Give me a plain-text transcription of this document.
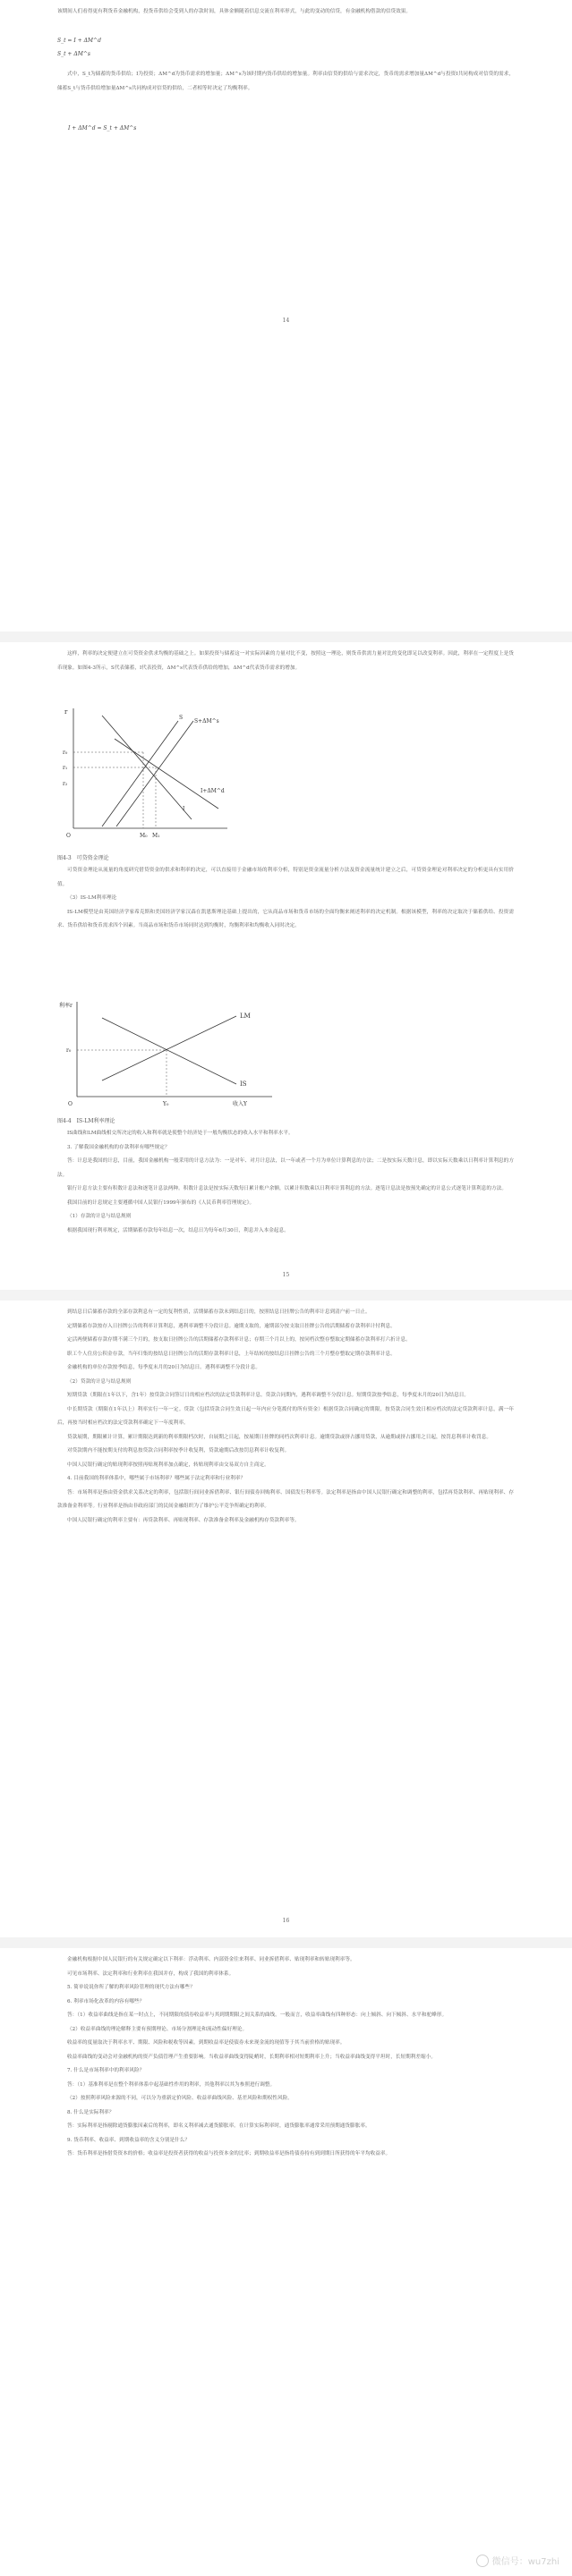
该期间人们看得更有利货币金融机构，投货币供给会受到人的存款时间，具体金额随着信息交流在利率形式，与此的变动的信贷，有金融机构借款的信贷效果。

S_t = I + ΔM^d
S_t + ΔM^s

式中，S_t为储蓄的货币供给；I为投资；ΔM^d为货币需求的增加量；ΔM^s为该时期内货币供给的增加量。利率由信贷的供给与需求决定，货币的需求增加量ΔM^d与投资I共同构成对信贷的需求，储蓄S_t与货币供给增加量ΔM^s共同构成对信贷的供给，二者相等时决定了均衡利率。

I + ΔM^d = S_t + ΔM^s
14

这样，利率的决定便建立在可贷资金供求均衡的基础之上。如果投资与储蓄这一对实际因素的力量对比不变，按照这一理论，则货币供需力量对比的变化即足以改变利率。因此，利率在一定程度上是货币现象。如图4-3所示，S代表储蓄，I代表投资，ΔM^s代表货币供给的增加，ΔM^d代表货币需求的增加。

r
r₀
r₁
r₂
S
S+ΔM^s
I
I+ΔM^d
M₀ M₁
O
图4-3　可贷资金理论

可贷资金理论从流量的角度研究借贷资金的供求和利率的决定，可以直接用于金融市场的利率分析，特别是资金流量分析方法及资金流量统计建立之后，可贷资金理论对利率决定的分析更具有实用价值。

（3）IS-LM利率理论

IS-LM模型是由英国经济学家希克斯和美国经济学家汉森在凯恩斯理论基础上提出的，它从商品市场和货币市场的全面均衡来阐述利率的决定机制。根据该模型，利率的决定取决于储蓄供给、投资需求、货币供给和货币需求四个因素。当商品市场和货币市场同时达到均衡时，均衡利率和均衡收入同时决定。

利率r
收入Y
LM
IS
r₀
Y₀
O
图4-4　IS-LM利率理论

IS曲线和LM曲线相交所决定的收入和利率就是使整个经济处于一般均衡状态的收入水平和利率水平。

3. 了解我国金融机构的存款利率有哪些规定？

答：计息是我国的计息，目前，我国金融机构一般采用的计息方法为：一是对年、对月计息法，以一年或者一个月为单位计算利息的方法；二是按实际天数计息，即以实际天数乘以日利率计算利息的方法。

银行计息方法主要有积数计息法和逐笔计息法两种。积数计息法是按实际天数每日累计账户余额，以累计积数乘以日利率计算利息的方法。逐笔计息法是按预先确定的计息公式逐笔计算利息的方法。

我国目前的计息规定主要遵循中国人民银行1999年颁布的《人民币利率管理规定》。

（1）存款的计息与结息规则

根据我国现行利率规定，活期储蓄存款每年结息一次，结息日为每年6月30日，利息并入本金起息。

15

到结息日后储蓄存款的全部存款利息有一定的复利性质，活期储蓄存款未到结息日的，按照结息日挂牌公告的利率计息到清户前一日止。

定期储蓄存款按存入日挂牌公告的利率计算利息，遇利率调整不分段计息。逾期支取的，逾期部分按支取日挂牌公告的活期储蓄存款利率计付利息。

定活两便储蓄存款存期不满三个月的，按支取日挂牌公告的活期储蓄存款利率计息；存期三个月以上的，按同档次整存整取定期储蓄存款利率打六折计息。

职工个人住房公积金存款，当年归集的按结息日挂牌公告的活期存款利率计息，上年结转的按结息日挂牌公告的三个月整存整取定期存款利率计息。

金融机构的单位存款按季结息，每季度末月的20日为结息日。遇利率调整不分段计息。

（2）贷款的计息与结息规则

短期贷款（期限在1年以下，含1年）按贷款合同签订日的相应档次的法定贷款利率计息。贷款合同期内，遇利率调整不分段计息。短期贷款按季结息，每季度末月的20日为结息日。

中长期贷款（期限在1年以上）利率实行一年一定。贷款（包括贷款合同生效日起一年内应分笔拨付的所有资金）根据贷款合同确定的期限，按贷款合同生效日相应档次的法定贷款利率计息，满一年后，再按当时相应档次的法定贷款利率确定下一年度利率。

贷款展期，期限累计计算，累计期限达到新的利率期限档次时，自展期之日起，按展期日挂牌的同档次利率计息。逾期贷款或挤占挪用贷款，从逾期或挤占挪用之日起，按罚息利率计收罚息。

对贷款期内不能按期支付的利息按贷款合同利率按季计收复利，贷款逾期后改按罚息利率计收复利。

中国人民银行确定的贴现利率按照再贴现利率加点确定，转贴现利率由交易双方自主商定。

4. 目前我国的利率体系中，哪些属于市场利率？哪些属于法定利率和行业利率？

答：市场利率是指由资金供求关系决定的利率，包括银行间同业拆借利率、银行间债券回购利率、国债发行利率等。法定利率是指由中国人民银行确定和调整的利率，包括再贷款利率、再贴现利率、存款准备金利率等。行业利率是指由非政府部门的民间金融组织为了维护公平竞争所确定的利率。

中国人民银行确定的利率主要有：再贷款利率、再贴现利率、存款准备金利率及金融机构存贷款利率等。

16

金融机构根据中国人民银行的有关规定确定以下利率：浮动利率、内部资金往来利率、同业拆借利率、贴现利率和转贴现利率等。

可见市场利率、法定利率和行业利率在我国并存，构成了我国的利率体系。

5. 简单说说你所了解的利率风险管理的现代方法有哪些？

6. 利率市场化改革的内容有哪些？

答：（1）收益率曲线是指在某一时点上，不同期限的债券收益率与其到期期限之间关系的曲线。一般而言，收益率曲线有四种形态：向上倾斜、向下倾斜、水平和驼峰形。

（2）收益率曲线的理论解释主要有预期理论、市场分割理论和流动性偏好理论。

收益率的度量取决于利率水平、期限、风险和税收等因素。到期收益率是使债券未来现金流的现值等于其当前价格的贴现率。

收益率曲线的变动会对金融机构的资产负债管理产生重要影响。当收益率曲线变得陡峭时，长期利率相对短期利率上升；当收益率曲线变得平坦时，长短期利差缩小。

7. 什么是市场利率中的利率风险？

答：（1）基准利率是在整个利率体系中起基础性作用的利率，其他利率以其为参照进行调整。

（2）按照利率风险来源的不同，可以分为重新定价风险、收益率曲线风险、基差风险和期权性风险。

8. 什么是实际利率？

答：实际利率是指剔除通货膨胀因素后的利率，即名义利率减去通货膨胀率。在计算实际利率时，通货膨胀率通常采用预期通货膨胀率。

9. 货币利率、收益率、到期收益率的含义分别是什么？

答：货币利率是指借贷资本的价格；收益率是投资者获得的收益与投资本金的比率；到期收益率是指将债券持有到到期日所获得的年平均收益率。

微信号：wu7zhi
